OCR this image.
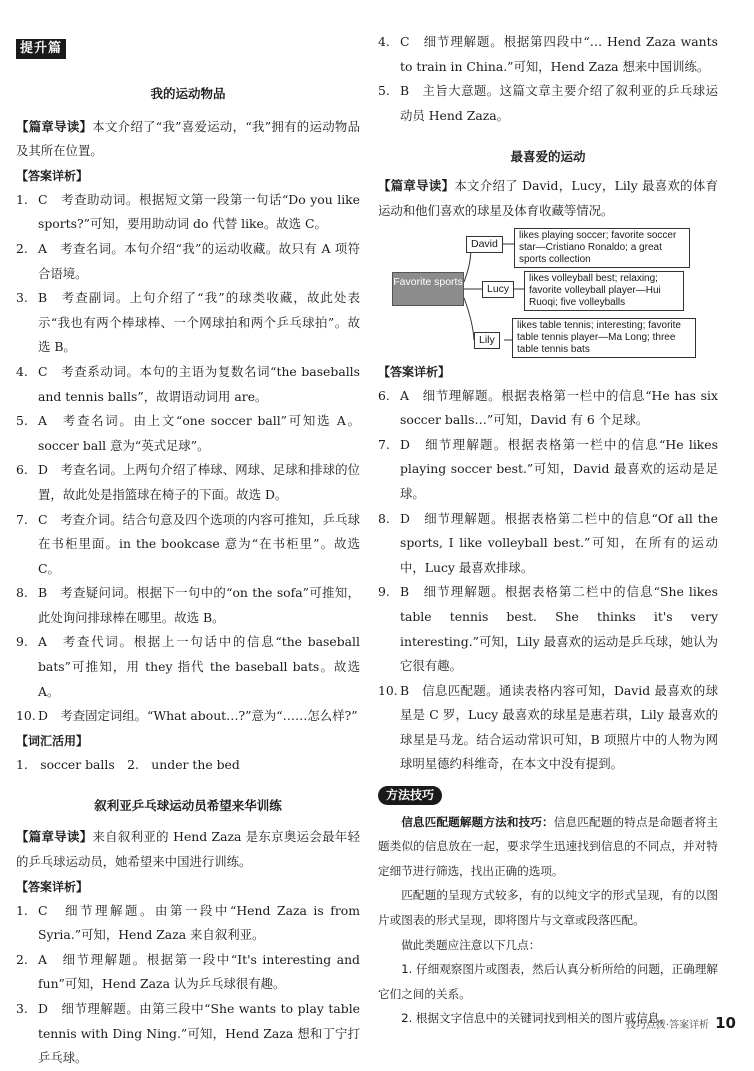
提升篇
我的运动物品
【篇章导读】本文介绍了“我”喜爱运动，“我”拥有的运动物品及其所在位置。
【答案详析】
1. C　考查助动词。根据短文第一段第一句话“Do you like sports?”可知，要用助动词 do 代替 like。故选 C。
2. A　考查名词。本句介绍“我”的运动收藏。故只有 A 项符合语境。
3. B　考查副词。上句介绍了“我”的球类收藏，故此处表示“我也有两个棒球棒、一个网球拍和两个乒乓球拍”。故选 B。
4. C　考查系动词。本句的主语为复数名词“the baseballs and tennis balls”，故谓语动词用 are。
5. A　考查名词。由上文“one soccer ball”可知选 A。soccer ball 意为“英式足球”。
6. D　考查名词。上两句介绍了棒球、网球、足球和排球的位置，故此处是指篮球在椅子的下面。故选 D。
7. C　考查介词。结合句意及四个选项的内容可推知，乒乓球在书柜里面。in the bookcase 意为“在书柜里”。故选 C。
8. B　考查疑问词。根据下一句中的“on the sofa”可推知，此处询问排球棒在哪里。故选 B。
9. A　考查代词。根据上一句话中的信息“the baseball bats”可推知，用 they 指代 the baseball bats。故选 A。
10. D　考查固定词组。“What about…?”意为“……怎么样?”
【词汇活用】
1.　soccer balls　2.　under the bed
叙利亚乒乓球运动员希望来华训练
【篇章导读】来自叙利亚的 Hend Zaza 是东京奥运会最年轻的乒乓球运动员，她希望来中国进行训练。
【答案详析】
1. C　细节理解题。由第一段中“Hend Zaza is from Syria.”可知，Hend Zaza 来自叙利亚。
2. A　细节理解题。根据第一段中“It's interesting and fun”可知，Hend Zaza 认为乒乓球很有趣。
3. D　细节理解题。由第三段中“She wants to play table tennis with Ding Ning.”可知，Hend Zaza 想和丁宁打乒乓球。
4. C　细节理解题。根据第四段中“… Hend Zaza wants to train in China.”可知，Hend Zaza 想来中国训练。
5. B　主旨大意题。这篇文章主要介绍了叙利亚的乒乓球运动员 Hend Zaza。
最喜爱的运动
【篇章导读】本文介绍了 David，Lucy，Lily 最喜欢的体育运动和他们喜欢的球星及体育收藏等情况。
Favorite sports
David
likes playing soccer; favorite soccer star—Cristiano Ronaldo; a great sports collection
Lucy
likes volleyball best; relaxing; favorite volleyball player—Hui Ruoqi; five volleyballs
Lily
likes table tennis; interesting; favorite table tennis player—Ma Long; three table tennis bats
【答案详析】
6. A　细节理解题。根据表格第一栏中的信息“He has six soccer balls…”可知，David 有 6 个足球。
7. D　细节理解题。根据表格第一栏中的信息“He likes playing soccer best.”可知，David 最喜欢的运动是足球。
8. D　细节理解题。根据表格第二栏中的信息“Of all the sports, I like volleyball best.”可知，在所有的运动中，Lucy 最喜欢排球。
9. B　细节理解题。根据表格第二栏中的信息“She likes table tennis best. She thinks it's very interesting.”可知，Lily 最喜欢的运动是乒乓球，她认为它很有趣。
10. B　信息匹配题。通读表格内容可知，David 最喜欢的球星是 C 罗，Lucy 最喜欢的球星是惠若琪，Lily 最喜欢的球星是马龙。结合运动常识可知，B 项照片中的人物为网球明星德约科维奇，在本文中没有提到。
方法技巧
信息匹配题解题方法和技巧：信息匹配题的特点是命题者将主题类似的信息放在一起，要求学生迅速找到信息的不同点，并对特定细节进行筛选，找出正确的选项。
匹配题的呈现方式较多，有的以纯文字的形式呈现，有的以图片或图表的形式呈现，即将图片与文章或段落匹配。
做此类题应注意以下几点：
1. 仔细观察图片或图表，然后认真分析所给的问题，正确理解它们之间的关系。
2. 根据文字信息中的关键词找到相关的图片或信息。
技巧点拨·答案详析 10
